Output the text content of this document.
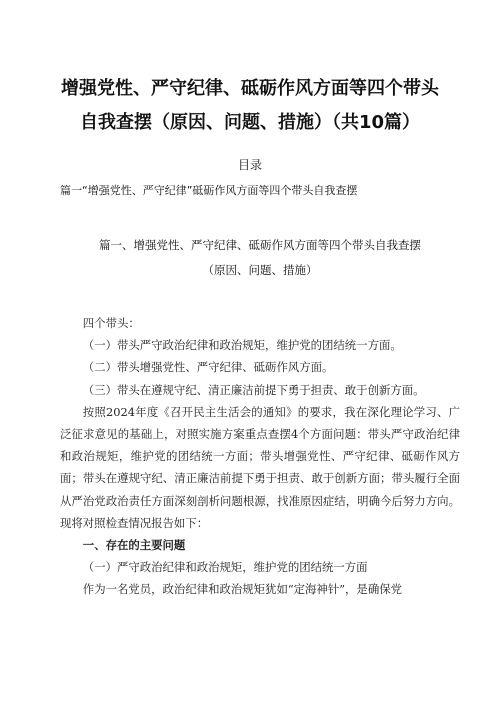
增强党性、严守纪律、砥砺作风方面等四个带头
自我查摆（原因、问题、措施）（共10篇）
目录
篇一“增强党性、严守纪律”砥砺作风方面等四个带头自我查摆
篇一、增强党性、严守纪律、砥砺作风方面等四个带头自我查摆
（原因、问题、措施）

四个带头：

（一）带头严守政治纪律和政治规矩，维护党的团结统一方面。

（二）带头增强党性、严守纪律、砥砺作风方面。

（三）带头在遵规守纪、清正廉洁前提下勇于担责、敢于创新方面。

按照2024年度《召开民主生活会的通知》的要求，我在深化理论学习、广泛征求意见的基础上，对照实施方案重点查摆4个方面问题：带头严守政治纪律和政治规矩，维护党的团结统一方面；带头增强党性、严守纪律、砥砺作风方面；带头在遵规守纪、清正廉洁前提下勇于担责、敢于创新方面；带头履行全面从严治党政治责任方面深刻剖析问题根源，找准原因症结，明确今后努力方向。现将对照检查情况报告如下：

一、存在的主要问题

（一）严守政治纪律和政治规矩，维护党的团结统一方面

作为一名党员，政治纪律和政治规矩犹如“定海神针”，是确保党
